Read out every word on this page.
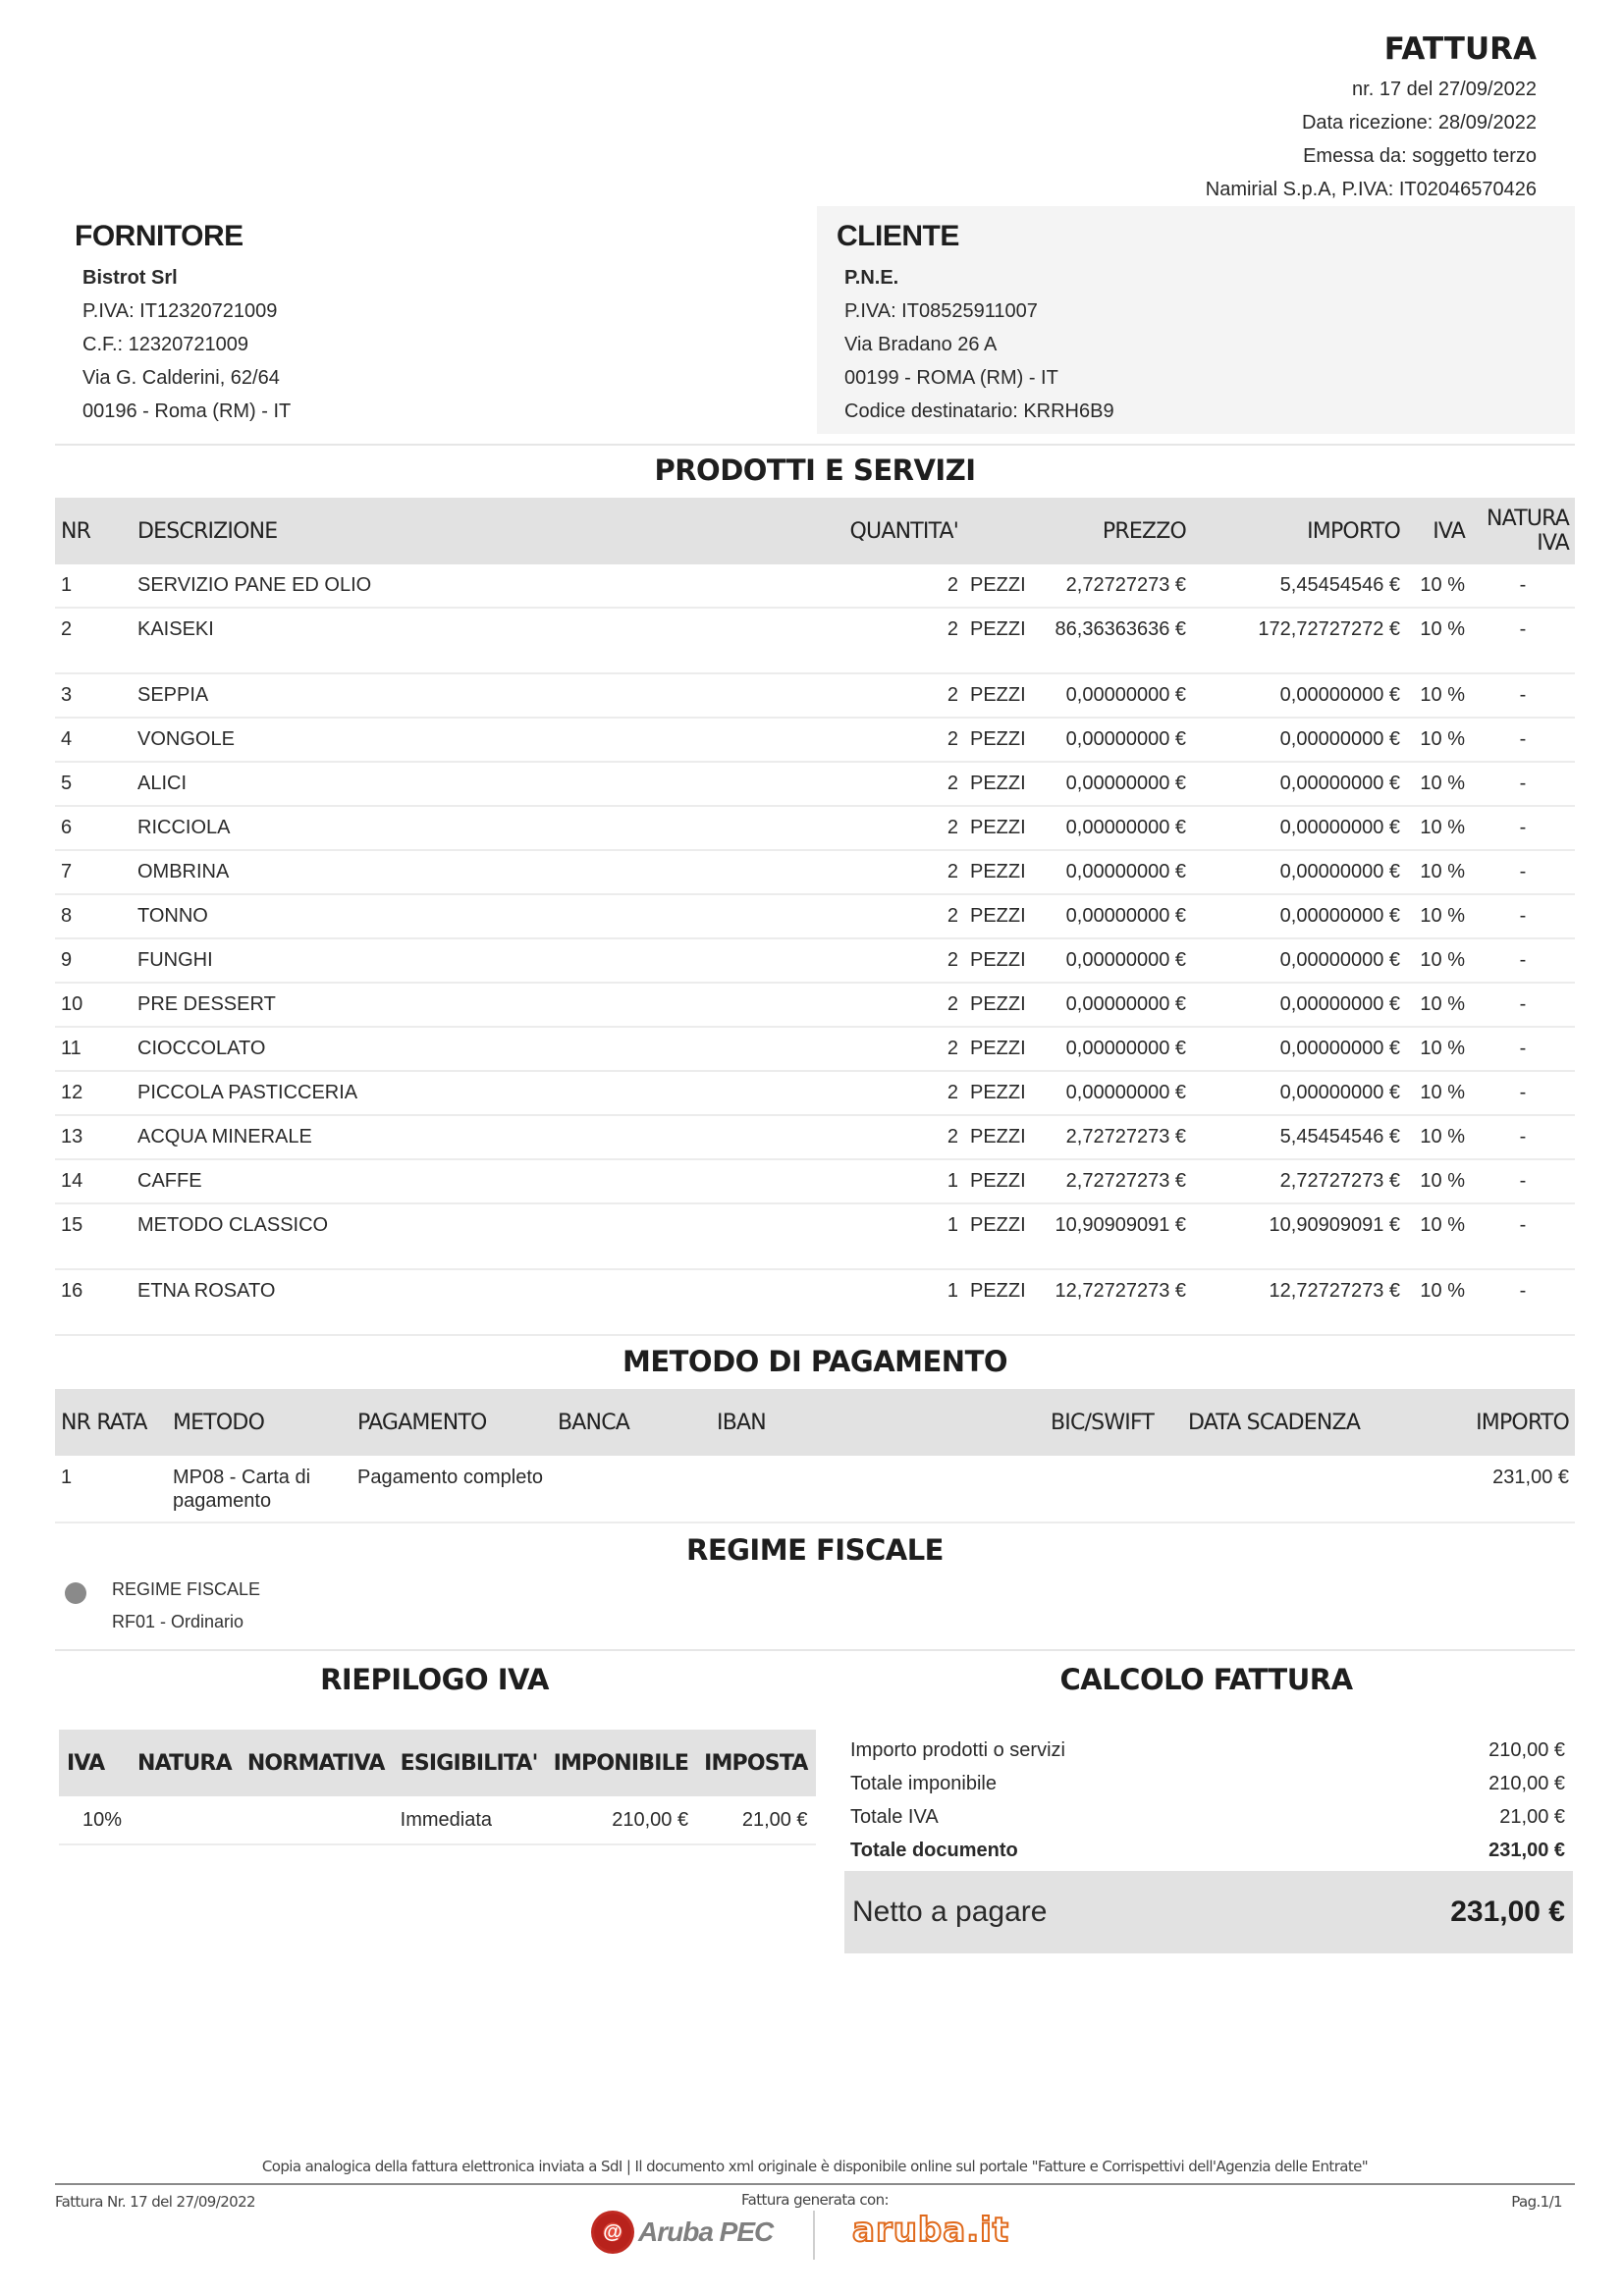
FATTURA
nr. 17 del 27/09/2022
Data ricezione: 28/09/2022
Emessa da: soggetto terzo
Namirial S.p.A, P.IVA: IT02046570426
FORNITORE
Bistrot Srl
P.IVA: IT12320721009
C.F.: 12320721009
Via G. Calderini, 62/64
00196 - Roma (RM) - IT
CLIENTE
P.N.E.
P.IVA: IT08525911007
Via Bradano 26 A
00199 - ROMA (RM) - IT
Codice destinatario: KRRH6B9
PRODOTTI E SERVIZI
NR	DESCRIZIONE	QUANTITA'		PREZZO	IMPORTO	IVA	NATURA IVA
1	SERVIZIO PANE ED OLIO	2	PEZZI	2,72727273 €	5,45454546 €	10 %	-
2	KAISEKI	2	PEZZI	86,36363636 €	172,72727272 €	10 %	-
3	SEPPIA	2	PEZZI	0,00000000 €	0,00000000 €	10 %	-
4	VONGOLE	2	PEZZI	0,00000000 €	0,00000000 €	10 %	-
5	ALICI	2	PEZZI	0,00000000 €	0,00000000 €	10 %	-
6	RICCIOLA	2	PEZZI	0,00000000 €	0,00000000 €	10 %	-
7	OMBRINA	2	PEZZI	0,00000000 €	0,00000000 €	10 %	-
8	TONNO	2	PEZZI	0,00000000 €	0,00000000 €	10 %	-
9	FUNGHI	2	PEZZI	0,00000000 €	0,00000000 €	10 %	-
10	PRE DESSERT	2	PEZZI	0,00000000 €	0,00000000 €	10 %	-
11	CIOCCOLATO	2	PEZZI	0,00000000 €	0,00000000 €	10 %	-
12	PICCOLA PASTICCERIA	2	PEZZI	0,00000000 €	0,00000000 €	10 %	-
13	ACQUA MINERALE	2	PEZZI	2,72727273 €	5,45454546 €	10 %	-
14	CAFFE	1	PEZZI	2,72727273 €	2,72727273 €	10 %	-
15	METODO CLASSICO	1	PEZZI	10,90909091 €	10,90909091 €	10 %	-
16	ETNA ROSATO	1	PEZZI	12,72727273 €	12,72727273 €	10 %	-
METODO DI PAGAMENTO
NR RATA	METODO	PAGAMENTO	BANCA	IBAN	BIC/SWIFT	DATA SCADENZA	IMPORTO
1	MP08 - Carta di pagamento	Pagamento completo					231,00 €
REGIME FISCALE
REGIME FISCALE
RF01 - Ordinario
RIEPILOGO IVA
IVA	NATURA	NORMATIVA	ESIGIBILITA'	IMPONIBILE	IMPOSTA
10%			Immediata	210,00 €	21,00 €
CALCOLO FATTURA
Importo prodotti o servizi	210,00 €
Totale imponibile	210,00 €
Totale IVA	21,00 €
Totale documento	231,00 €
Netto a pagare	231,00 €
Copia analogica della fattura elettronica inviata a SdI | Il documento xml originale è disponibile online sul portale "Fatture e Corrispettivi dell'Agenzia delle Entrate"
Fattura Nr. 17 del 27/09/2022	Fattura generata con:	Pag.1/1
@ Aruba PEC aruba.it
